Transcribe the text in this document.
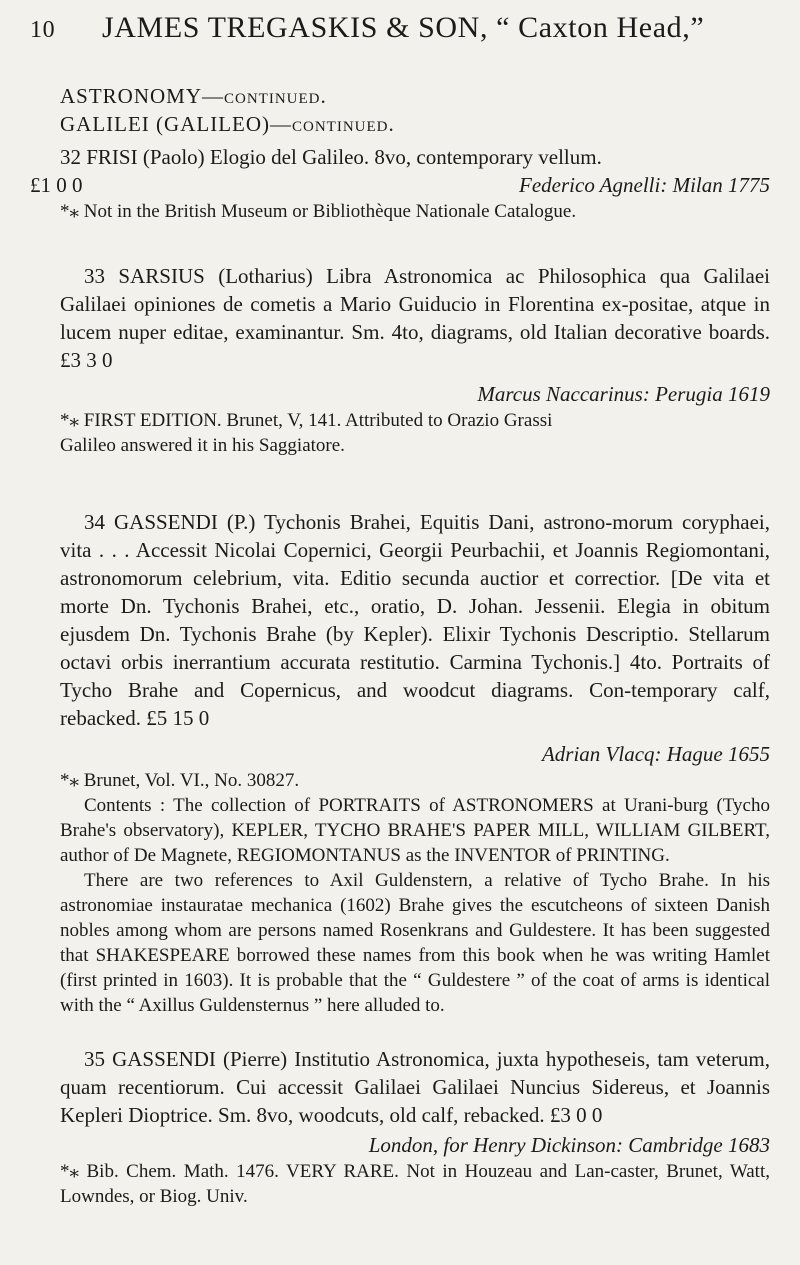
10 JAMES TREGASKIS & SON, “ Caxton Head,”
ASTRONOMY—continued.
GALILEI (GALILEO)—continued.
32 FRISI (Paolo) Elogio del Galileo. 8vo, contemporary vellum.
£1 0 0	Federico Agnelli: Milan 1775
*⁎ Not in the British Museum or Bibliothèque Nationale Catalogue.
33 SARSIUS (Lotharius) Libra Astronomica ac Philosophica qua Galilaei Galilaei opiniones de cometis a Mario Guiducio in Florentina ex-positae, atque in lucem nuper editae, examinantur. Sm. 4to, diagrams, old Italian decorative boards. £3 3 0
Marcus Naccarinus: Perugia 1619
*⁎ FIRST EDITION. Brunet, V, 141. Attributed to Orazio Grassi
Galileo answered it in his Saggiatore.
34 GASSENDI (P.) Tychonis Brahei, Equitis Dani, astrono-morum coryphaei, vita . . . Accessit Nicolai Copernici, Georgii Peurbachii, et Joannis Regiomontani, astronomorum celebrium, vita. Editio secunda auctior et correctior. [De vita et morte Dn. Tychonis Brahei, etc., oratio, D. Johan. Jessenii. Elegia in obitum ejusdem Dn. Tychonis Brahe (by Kepler). Elixir Tychonis Descriptio. Stellarum octavi orbis inerrantium accurata restitutio. Carmina Tychonis.] 4to. Portraits of Tycho Brahe and Copernicus, and woodcut diagrams. Con-temporary calf, rebacked. £5 15 0
Adrian Vlacq: Hague 1655
*⁎ Brunet, Vol. VI., No. 30827.
Contents : The collection of PORTRAITS of ASTRONOMERS at Urani-burg (Tycho Brahe's observatory), KEPLER, TYCHO BRAHE'S PAPER MILL, WILLIAM GILBERT, author of De Magnete, REGIOMONTANUS as the INVENTOR of PRINTING.
There are two references to Axil Guldenstern, a relative of Tycho Brahe. In his astronomiae instauratae mechanica (1602) Brahe gives the escutcheons of sixteen Danish nobles among whom are persons named Rosenkrans and Guldestere. It has been suggested that SHAKESPEARE borrowed these names from this book when he was writing Hamlet (first printed in 1603). It is probable that the “ Guldestere ” of the coat of arms is identical with the “ Axillus Guldensternus ” here alluded to.
35 GASSENDI (Pierre) Institutio Astronomica, juxta hypotheseis, tam veterum, quam recentiorum. Cui accessit Galilaei Galilaei Nuncius Sidereus, et Joannis Kepleri Dioptrice. Sm. 8vo, woodcuts, old calf, rebacked. £3 0 0
London, for Henry Dickinson: Cambridge 1683
*⁎ Bib. Chem. Math. 1476. VERY RARE. Not in Houzeau and Lan-caster, Brunet, Watt, Lowndes, or Biog. Univ.
